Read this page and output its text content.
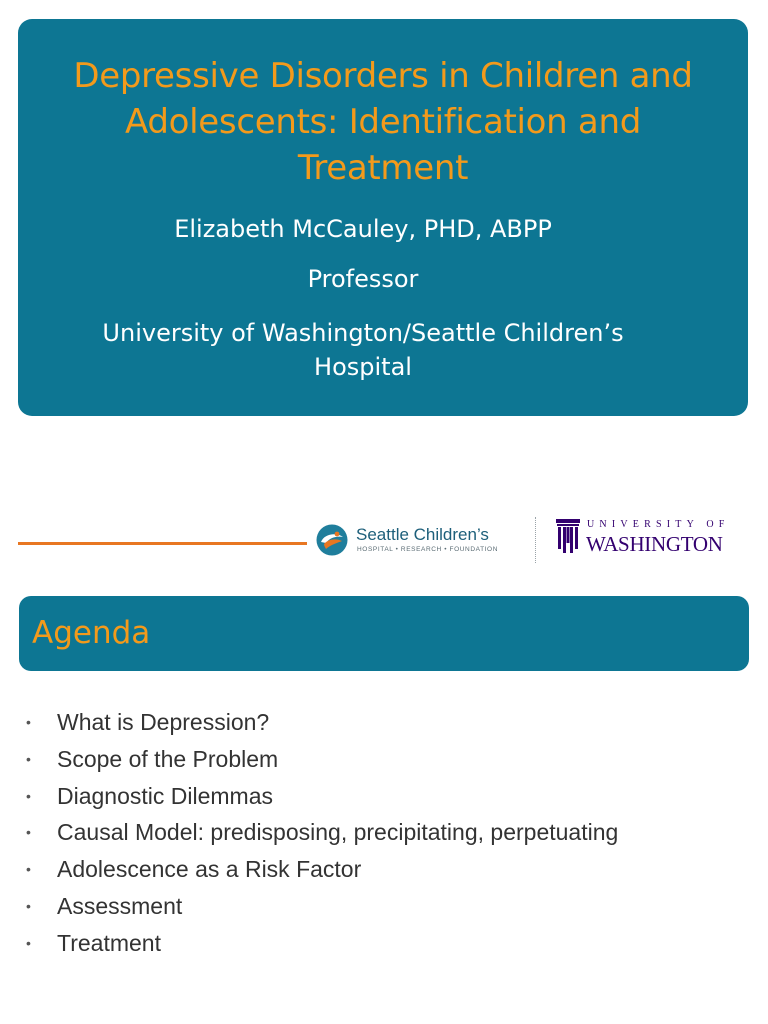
Depressive Disorders in Children and
Adolescents: Identification and
Treatment
Elizabeth McCauley, PHD, ABPP
Professor
University of Washington/Seattle Children’s
Hospital
Seattle Children’s
HOSPITAL • RESEARCH • FOUNDATION
UNIVERSITY OF
WASHINGTON
Agenda
• What is Depression?
• Scope of the Problem
• Diagnostic Dilemmas
• Causal Model: predisposing, precipitating, perpetuating
• Adolescence as a Risk Factor
• Assessment
• Treatment
